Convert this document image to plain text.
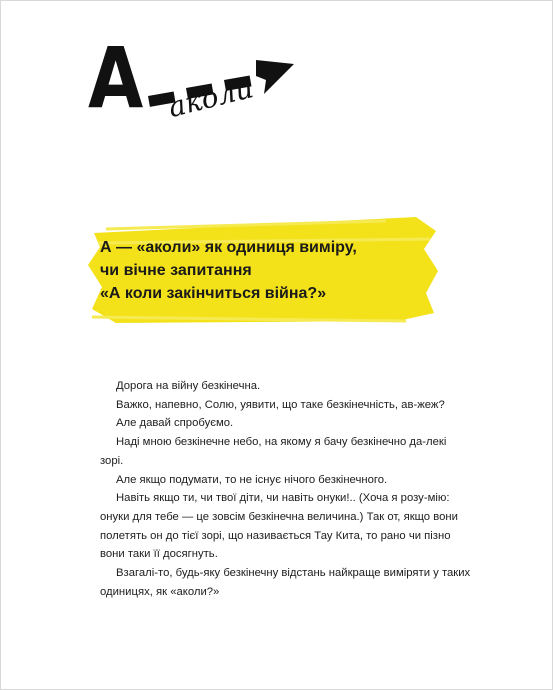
А аколи
А — «аколи» як одиниця виміру,
чи вічне запитання
«А коли закінчиться війна?»

Дорога на війну безкінечна.

Важко, напевно, Солю, уявити, що таке безкінечність, ав-жеж?

Але давай спробуємо.

Наді мною безкінечне небо, на якому я бачу безкінечно да-лекі зорі.

Але якщо подумати, то не існує нічого безкінечного.

Навіть якщо ти, чи твої діти, чи навіть онуки!.. (Хоча я розу-мію: онуки для тебе — це зовсім безкінечна величина.) Так от, якщо вони полетять он до тієї зорі, що називається Тау Кита, то рано чи пізно вони таки її досягнуть.

Взагалі-то, будь-яку безкінечну відстань найкраще виміряти у таких одиницях, як «аколи?»
